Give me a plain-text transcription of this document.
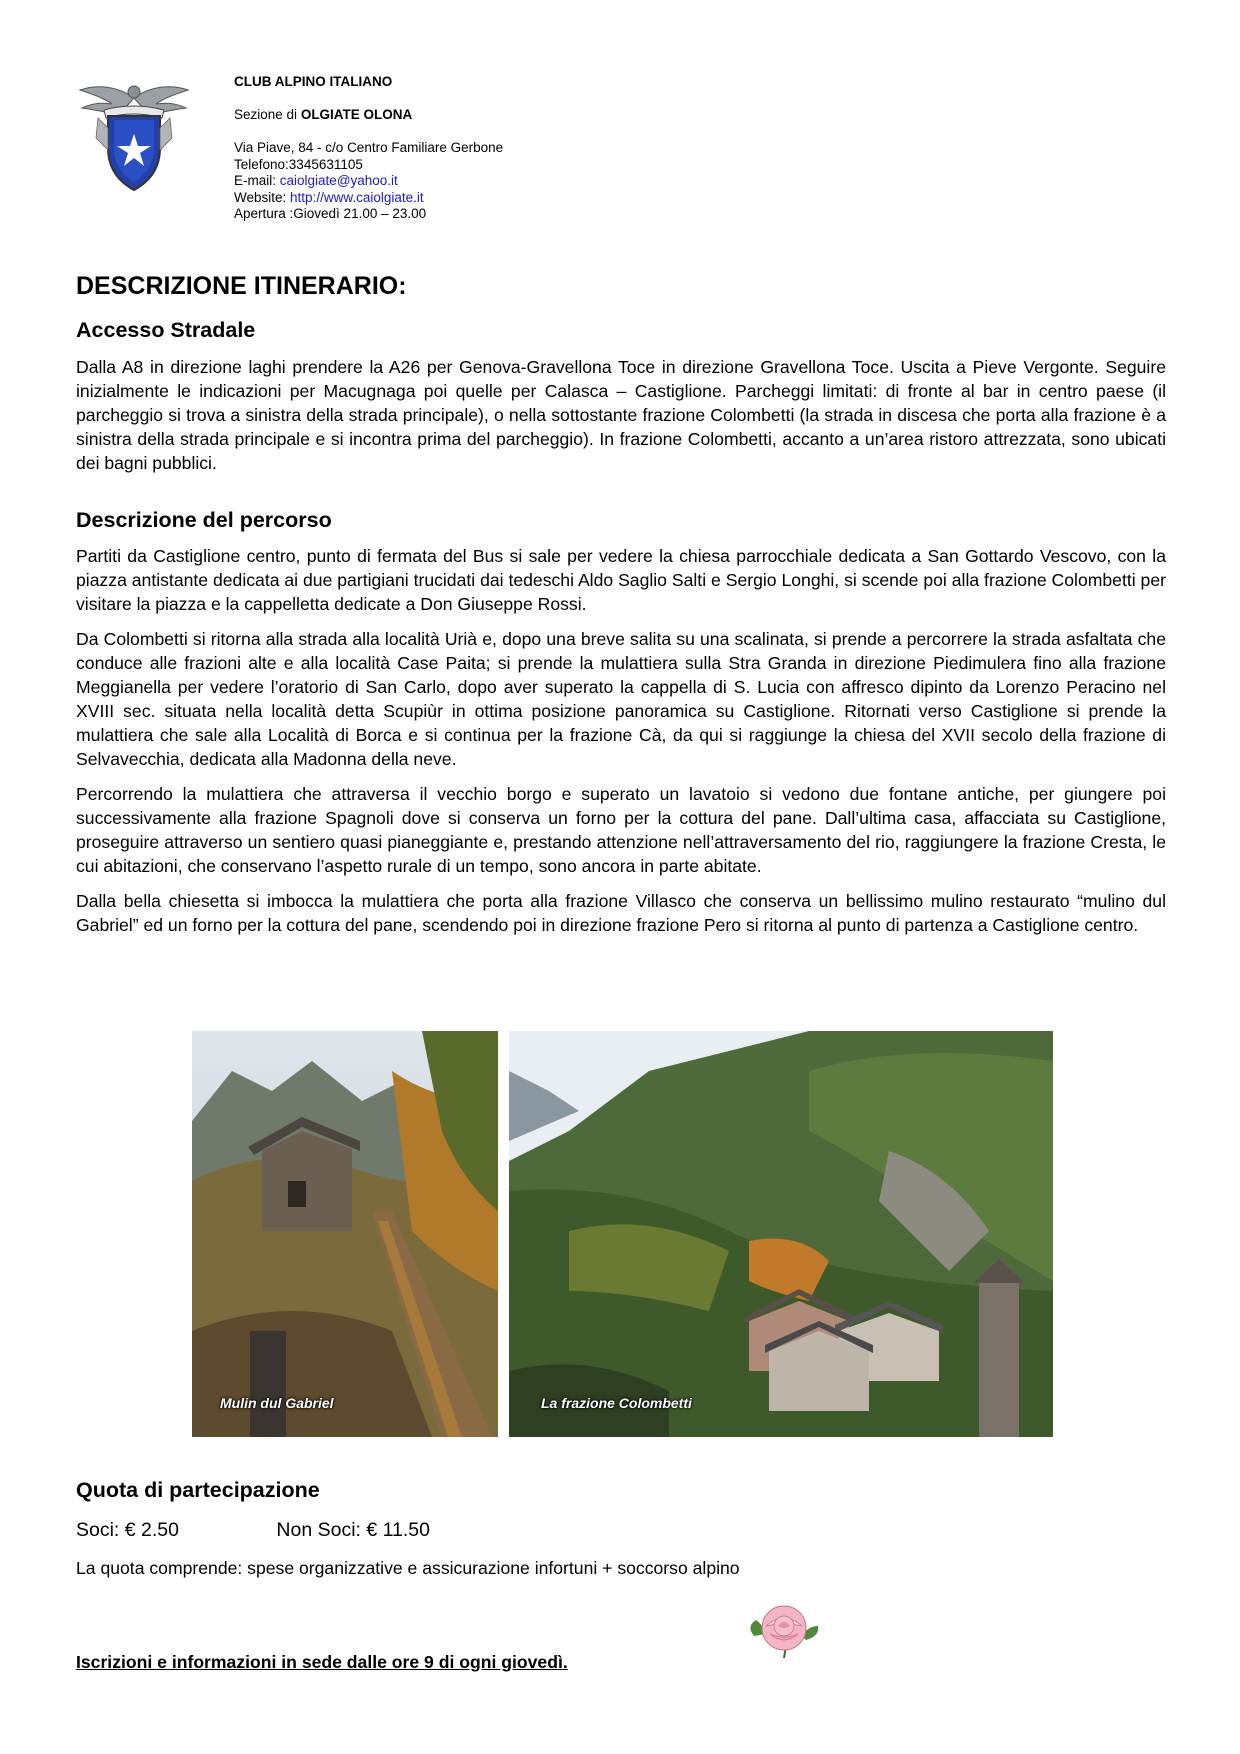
CLUB ALPINO ITALIANO
Sezione di OLGIATE OLONA
Via Piave, 84 - c/o Centro Familiare Gerbone
Telefono:3345631105
E-mail: caiolgiate@yahoo.it
Website: http://www.caiolgiate.it
Apertura :Giovedì 21.00 – 23.00
DESCRIZIONE ITINERARIO:
Accesso Stradale

Dalla A8 in direzione laghi prendere la A26 per Genova-Gravellona Toce in direzione Gravellona Toce. Uscita a Pieve Vergonte. Seguire inizialmente le indicazioni per Macugnaga poi quelle per Calasca – Castiglione. Parcheggi limitati: di fronte al bar in centro paese (il parcheggio si trova a sinistra della strada principale), o nella sottostante frazione Colombetti (la strada in discesa che porta alla frazione è a sinistra della strada principale e si incontra prima del parcheggio). In frazione Colombetti, accanto a un’area ristoro attrezzata, sono ubicati dei bagni pubblici.

Descrizione del percorso

Partiti da Castiglione centro, punto di fermata del Bus si sale per vedere la chiesa parrocchiale dedicata a San Gottardo Vescovo, con la piazza antistante dedicata ai due partigiani trucidati dai tedeschi Aldo Saglio Salti e Sergio Longhi, si scende poi alla frazione Colombetti per visitare la piazza e la cappelletta dedicate a Don Giuseppe Rossi.

Da Colombetti si ritorna alla strada alla località Urià e, dopo una breve salita su una scalinata, si prende a percorrere la strada asfaltata che conduce alle frazioni alte e alla località Case Paita; si prende la mulattiera sulla Stra Granda in direzione Piedimulera fino alla frazione Meggianella per vedere l’oratorio di San Carlo, dopo aver superato la cappella di S. Lucia con affresco dipinto da Lorenzo Peracino nel XVIII sec. situata nella località detta Scupiùr in ottima posizione panoramica su Castiglione. Ritornati verso Castiglione si prende la mulattiera che sale alla Località di Borca e si continua per la frazione Cà, da qui si raggiunge la chiesa del XVII secolo della frazione di Selvavecchia, dedicata alla Madonna della neve.

Percorrendo la mulattiera che attraversa il vecchio borgo e superato un lavatoio si vedono due fontane antiche, per giungere poi successivamente alla frazione Spagnoli dove si conserva un forno per la cottura del pane. Dall’ultima casa, affacciata su Castiglione, proseguire attraverso un sentiero quasi pianeggiante e, prestando attenzione nell’attraversamento del rio, raggiungere la frazione Cresta, le cui abitazioni, che conservano l’aspetto rurale di un tempo, sono ancora in parte abitate.

Dalla bella chiesetta si imbocca la mulattiera che porta alla frazione Villasco che conserva un bellissimo mulino restaurato “mulino dul Gabriel” ed un forno per la cottura del pane, scendendo poi in direzione frazione Pero si ritorna al punto di partenza a Castiglione centro.

Mulin dul Gabriel	La frazione Colombetti
Quota di partecipazione
Soci: € 2.50	Non Soci: € 11.50
La quota comprende: spese organizzative e assicurazione infortuni + soccorso alpino
Iscrizioni e informazioni in sede dalle ore 9 di ogni giovedì.
